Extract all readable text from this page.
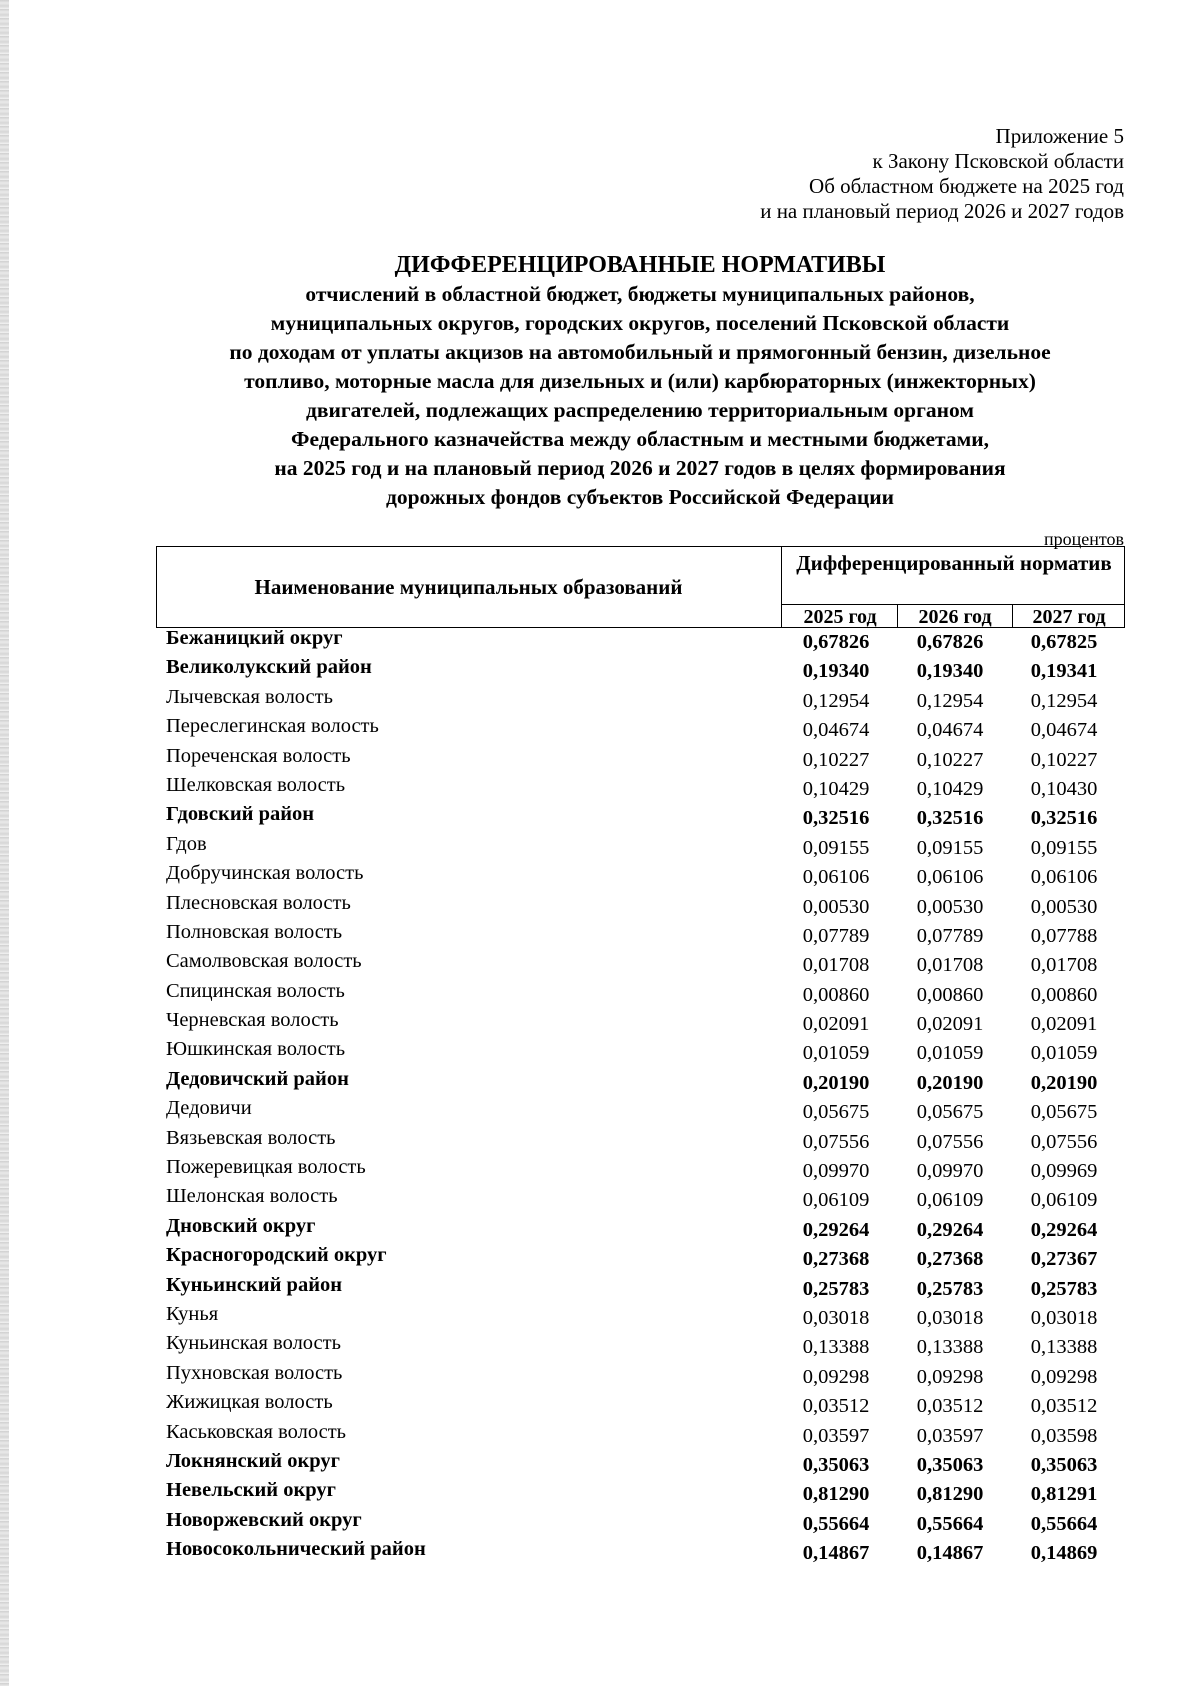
Приложение 5
к Закону Псковской области
Об областном бюджете на 2025 год
и на плановый период 2026 и 2027 годов
ДИФФЕРЕНЦИРОВАННЫЕ НОРМАТИВЫ
отчислений в областной бюджет, бюджеты муниципальных районов,
муниципальных округов, городских округов, поселений Псковской области
по доходам от уплаты акцизов на автомобильный и прямогонный бензин, дизельное
топливо, моторные масла для дизельных и (или) карбюраторных (инжекторных)
двигателей, подлежащих распределению территориальным органом
Федерального казначейства между областным и местными бюджетами,
на 2025 год и на плановый период 2026 и 2027 годов в целях формирования
дорожных фондов субъектов Российской Федерации
процентов
Наименование муниципальных образований
Дифференцированный норматив
2025 год	2026 год	2027 год
Бежаницкий округ	0,67826	0,67826	0,67825
Великолукский район	0,19340	0,19340	0,19341
Лычевская волость	0,12954	0,12954	0,12954
Переслегинская волость	0,04674	0,04674	0,04674
Пореченская волость	0,10227	0,10227	0,10227
Шелковская волость	0,10429	0,10429	0,10430
Гдовский район	0,32516	0,32516	0,32516
Гдов	0,09155	0,09155	0,09155
Добручинская волость	0,06106	0,06106	0,06106
Плесновская волость	0,00530	0,00530	0,00530
Полновская волость	0,07789	0,07789	0,07788
Самолвовская волость	0,01708	0,01708	0,01708
Спицинская волость	0,00860	0,00860	0,00860
Черневская волость	0,02091	0,02091	0,02091
Юшкинская волость	0,01059	0,01059	0,01059
Дедовичский район	0,20190	0,20190	0,20190
Дедовичи	0,05675	0,05675	0,05675
Вязьевская волость	0,07556	0,07556	0,07556
Пожеревицкая волость	0,09970	0,09970	0,09969
Шелонская волость	0,06109	0,06109	0,06109
Дновский округ	0,29264	0,29264	0,29264
Красногородский округ	0,27368	0,27368	0,27367
Куньинский район	0,25783	0,25783	0,25783
Кунья	0,03018	0,03018	0,03018
Куньинская волость	0,13388	0,13388	0,13388
Пухновская волость	0,09298	0,09298	0,09298
Жижицкая волость	0,03512	0,03512	0,03512
Каськовская волость	0,03597	0,03597	0,03598
Локнянский округ	0,35063	0,35063	0,35063
Невельский округ	0,81290	0,81290	0,81291
Новоржевский округ	0,55664	0,55664	0,55664
Новосокольнический район	0,14867	0,14867	0,14869
